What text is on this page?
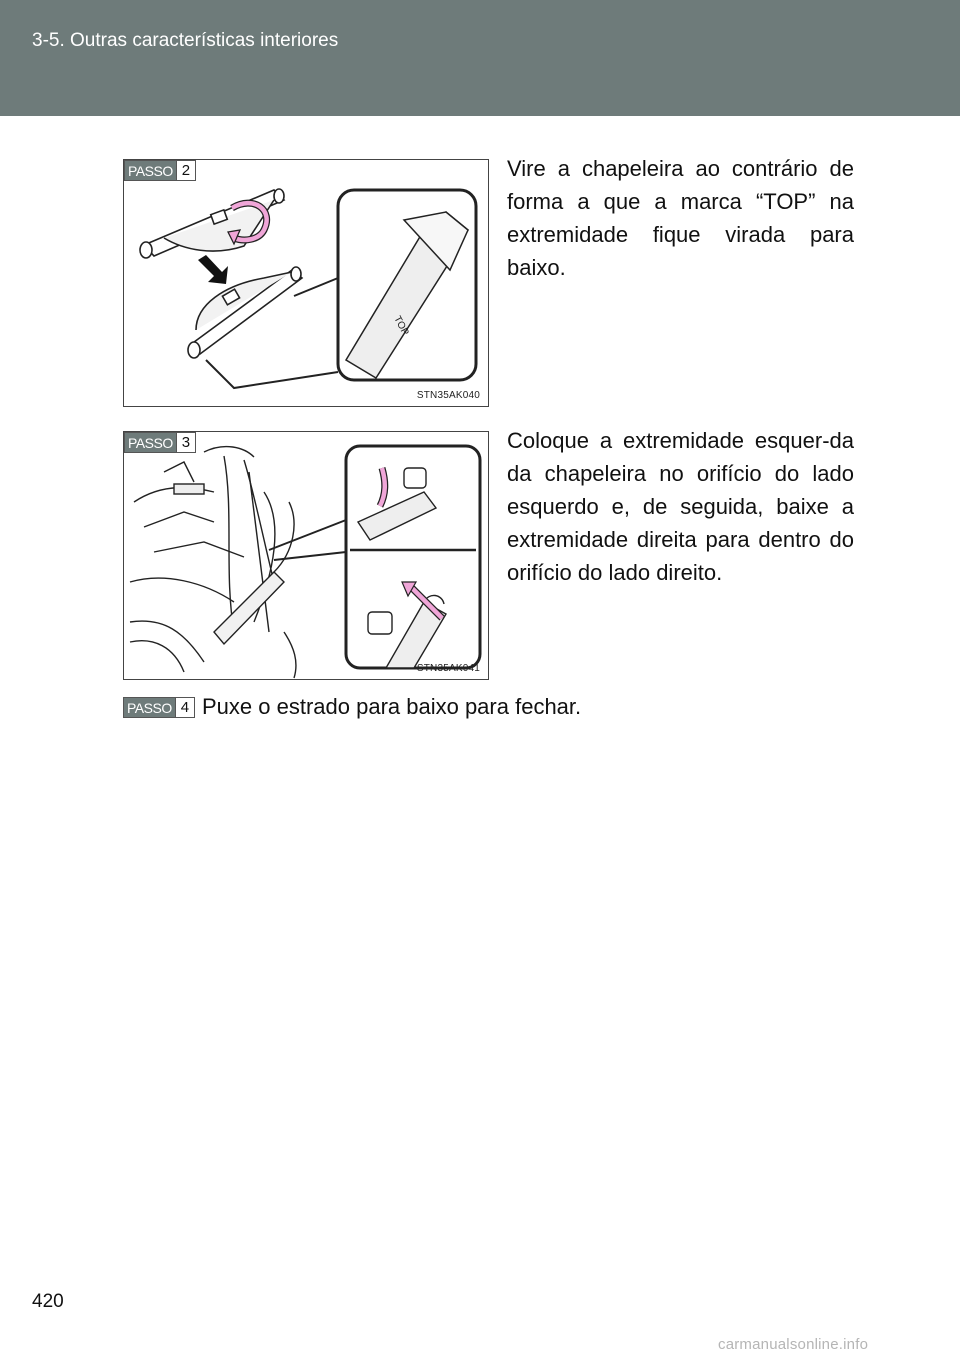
3-5. Outras características interiores
TOP
PASSO 2
STN35AK040
Vire a chapeleira ao contrário de forma a que a marca “TOP” na extremidade fique virada para baixo.
PASSO 3
STN35AK041
Coloque a extremidade esquer-da da chapeleira no orifício do lado esquerdo e, de seguida, baixe a extremidade direita para dentro do orifício do lado direito.
PASSO 4 Puxe o estrado para baixo para fechar.
420
carmanualsonline.info
